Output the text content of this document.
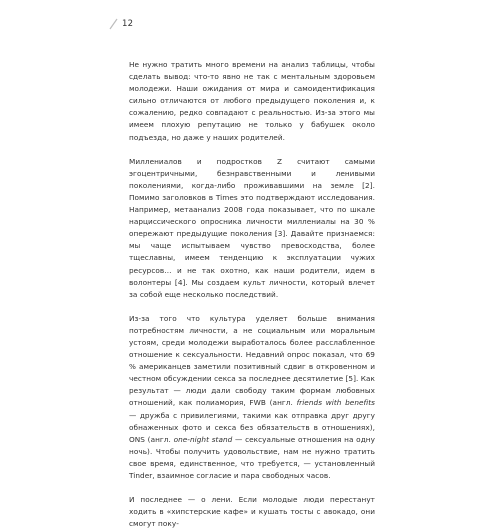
12

Не нужно тратить много времени на анализ таблицы, чтобы сделать вывод: что-то явно не так с ментальным здоровьем молодежи. Наши ожидания от мира и самоидентификация сильно отличаются от любого предыдущего поколения и, к сожалению, редко совпадают с реальностью. Из-за этого мы имеем плохую репутацию не только у бабушек около подъезда, но даже у наших родителей.

Миллениалов и подростков Z считают самыми эгоцентричными, безнравственными и ленивыми поколениями, когда-либо проживавшими на земле [2]. Помимо заголовков в Times это подтверждают исследования. Например, метаанализ 2008 года показывает, что по шкале нарциссического опросника личности миллениалы на 30 % опережают предыдущие поколения [3]. Давайте признаемся: мы чаще испытываем чувство превосходства, более тщеславны, имеем тенденцию к эксплуатации чужих ресурсов… и не так охотно, как наши родители, идем в волонтеры [4]. Мы создаем культ личности, который влечет за собой еще несколько последствий.

Из-за того что культура уделяет больше внимания потребностям личности, а не социальным или моральным устоям, среди молодежи выработалось более расслабленное отношение к сексуальности. Недавний опрос показал, что 69 % американцев заметили позитивный сдвиг в откровенном и честном обсуждении секса за последнее десятилетие [5]. Как результат — люди дали свободу таким формам любовных отношений, как полиамория, FWB (англ. friends with benefits — дружба с привилегиями, такими как отправка друг другу обнаженных фото и секса без обязательств в отношениях), ONS (англ. one-night stand — сексуальные отношения на одну ночь). Чтобы получить удовольствие, нам не нужно тратить свое время, единственное, что требуется, — установленный Tinder, взаимное согласие и пара свободных часов.

И последнее — о лени. Если молодые люди перестанут ходить в «хипстерские кафе» и кушать тосты с авокадо, они смогут поку-
